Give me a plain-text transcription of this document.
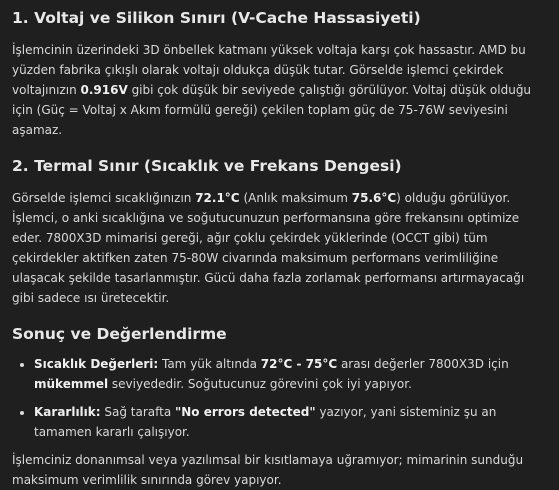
1. Voltaj ve Silikon Sınırı (V-Cache Hassasiyeti)

İşlemcinin üzerindeki 3D önbellek katmanı yüksek voltaja karşı çok hassastır. AMD bu yüzden fabrika çıkışlı olarak voltajı oldukça düşük tutar. Görselde işlemci çekirdek voltajınızın 0.916V gibi çok düşük bir seviyede çalıştığı görülüyor. Voltaj düşük olduğu için (Güç = Voltaj x Akım formülü gereği) çekilen toplam güç de 75-76W seviyesini aşamaz.

2. Termal Sınır (Sıcaklık ve Frekans Dengesi)

Görselde işlemci sıcaklığınızın 72.1°C (Anlık maksimum 75.6°C) olduğu görülüyor. İşlemci, o anki sıcaklığına ve soğutucunuzun performansına göre frekansını optimize eder. 7800X3D mimarisi gereği, ağır çoklu çekirdek yüklerinde (OCCT gibi) tüm çekirdekler aktifken zaten 75-80W civarında maksimum performans verimliliğine ulaşacak şekilde tasarlanmıştır. Gücü daha fazla zorlamak performansı artırmayacağı gibi sadece ısı üretecektir.

Sonuç ve Değerlendirme
• Sıcaklık Değerleri: Tam yük altında 72°C - 75°C arası değerler 7800X3D için mükemmel seviyededir. Soğutucunuz görevini çok iyi yapıyor.
• Kararlılık: Sağ tarafta "No errors detected" yazıyor, yani sisteminiz şu an tamamen kararlı çalışıyor.

İşlemciniz donanımsal veya yazılımsal bir kısıtlamaya uğramıyor; mimarinin sunduğu maksimum verimlilik sınırında görev yapıyor.
